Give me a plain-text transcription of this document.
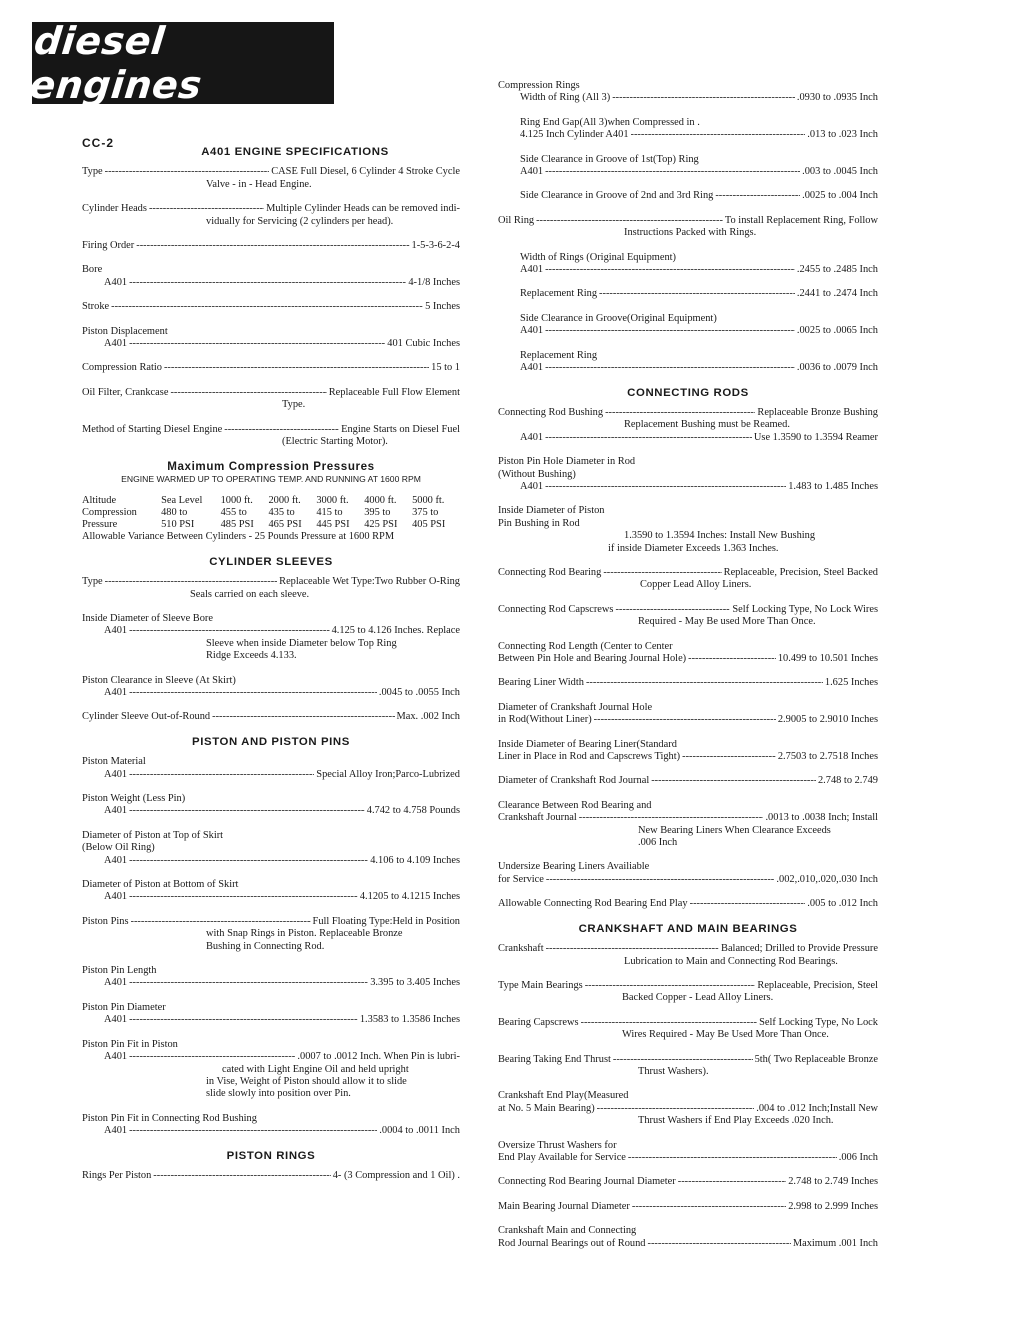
diesel engines
CC-2
A401 ENGINE SPECIFICATIONS
Type -----	CASE Full Diesel, 6 Cylinder 4 Stroke Cycle
Valve - in - Head Engine.
Cylinder Heads -----	Multiple Cylinder Heads can be removed indi-
vidually for Servicing (2 cylinders per head).
Firing Order -----	1-5-3-6-2-4
Bore
A401 -----	4-1/8 Inches
Stroke -----	5 Inches
Piston Displacement
A401 -----	401 Cubic Inches
Compression Ratio -----	15 to 1
Oil Filter, Crankcase -----	Replaceable Full Flow Element
Type.
Method of Starting Diesel Engine -----	Engine Starts on Diesel Fuel
(Electric Starting Motor).
Maximum Compression Pressures
ENGINE WARMED UP TO OPERATING TEMP. AND RUNNING AT 1600 RPM
Altitude	Sea Level	1000 ft.	2000 ft.	3000 ft.	4000 ft.	5000 ft.
Compression	480 to	455 to	435 to	415 to	395 to	375 to
Pressure	510 PSI	485 PSI	465 PSI	445 PSI	425 PSI	405 PSI
Allowable Variance Between Cylinders - 25 Pounds Pressure at 1600 RPM
CYLINDER SLEEVES
Type -----	Replaceable Wet Type:Two Rubber O-Ring
Seals carried on each sleeve.
Inside Diameter of Sleeve Bore
A401 -----	4.125 to 4.126 Inches. Replace
Sleeve when inside Diameter below Top Ring
Ridge Exceeds 4.133.
Piston Clearance in Sleeve (At Skirt)
A401 -----	.0045 to .0055 Inch
Cylinder Sleeve Out-of-Round -----	Max. .002 Inch
PISTON AND PISTON PINS
Piston Material
A401 -----	Special Alloy Iron;Parco-Lubrized
Piston Weight (Less Pin)
A401 -----	4.742 to 4.758 Pounds
Diameter of Piston at Top of Skirt
(Below Oil Ring)
A401 -----	4.106 to 4.109 Inches
Diameter of Piston at Bottom of Skirt
A401 -----	4.1205 to 4.1215 Inches
Piston Pins -----	Full Floating Type:Held in Position
with Snap Rings in Piston. Replaceable Bronze
Bushing in Connecting Rod.
Piston Pin Length
A401 -----	3.395 to 3.405 Inches
Piston Pin Diameter
A401 -----	1.3583 to 1.3586 Inches
Piston Pin Fit in Piston
A401 -----	.0007 to .0012 Inch. When Pin is lubri-
cated with Light Engine Oil and held upright
in Vise, Weight of Piston should allow it to slide
slide slowly into position over Pin.
Piston Pin Fit in Connecting Rod Bushing
A401 -----	.0004 to .0011 Inch
PISTON RINGS
Rings Per Piston -----	4- (3 Compression and 1 Oil) .
Compression Rings
Width of Ring (All 3) -----	.0930 to .0935 Inch
Ring End Gap(All 3)when Compressed in .
4.125 Inch Cylinder A401 -----	.013 to .023 Inch
Side Clearance in Groove of 1st(Top) Ring
A401 -----	.003 to .0045 Inch
Side Clearance in Groove of 2nd and 3rd Ring -----	.0025 to .004 Inch
Oil Ring -----	To install Replacement Ring, Follow
Instructions Packed with Rings.
Width of Rings (Original Equipment)
A401 -----	.2455 to .2485 Inch
Replacement Ring -----	.2441 to .2474 Inch
Side Clearance in Groove(Original Equipment)
A401 -----	.0025 to .0065 Inch
Replacement Ring
A401 -----	.0036 to .0079 Inch
CONNECTING RODS
Connecting Rod Bushing -----	Replaceable Bronze Bushing
Replacement Bushing must be Reamed.
A401 -----	Use 1.3590 to 1.3594 Reamer
Piston Pin Hole Diameter in Rod
(Without Bushing)
A401 -----	1.483 to 1.485 Inches
Inside Diameter of Piston
Pin Bushing in Rod
1.3590 to 1.3594 Inches: Install New Bushing
if inside Diameter Exceeds 1.363 Inches.
Connecting Rod Bearing -----	Replaceable, Precision, Steel Backed
Copper Lead Alloy Liners.
Connecting Rod Capscrews -----	Self Locking Type, No Lock Wires
Required - May Be used More Than Once.
Connecting Rod Length (Center to Center
Between Pin Hole and Bearing Journal Hole) -----	10.499 to 10.501 Inches
Bearing Liner Width -----	1.625 Inches
Diameter of Crankshaft Journal Hole
in Rod(Without Liner) -----	2.9005 to 2.9010 Inches
Inside Diameter of Bearing Liner(Standard
Liner in Place in Rod and Capscrews Tight) -----	2.7503 to 2.7518 Inches
Diameter of Crankshaft Rod Journal -----	2.748 to 2.749
Clearance Between Rod Bearing and
Crankshaft Journal -----	.0013 to .0038 Inch; Install
New Bearing Liners When Clearance Exceeds
.006 Inch
Undersize Bearing Liners Availiable
for Service -----	.002,.010,.020,.030 Inch
Allowable Connecting Rod Bearing End Play -----	.005 to .012 Inch
CRANKSHAFT AND MAIN BEARINGS
Crankshaft -----	Balanced; Drilled to Provide Pressure
Lubrication to Main and Connecting Rod Bearings.
Type Main Bearings -----	Replaceable, Precision, Steel
Backed Copper - Lead Alloy Liners.
Bearing Capscrews -----	Self Locking Type, No Lock
Wires Required - May Be Used More Than Once.
Bearing Taking End Thrust -----	5th( Two Replaceable Bronze
Thrust Washers).
Crankshaft End Play(Measured
at No. 5 Main Bearing) -----	.004 to .012 Inch;Install New
Thrust Washers if End Play Exceeds .020 Inch.
Oversize Thrust Washers for
End Play Available for Service -----	.006 Inch
Connecting Rod Bearing Journal Diameter -----	2.748 to 2.749 Inches
Main Bearing Journal Diameter -----	2.998 to 2.999 Inches
Crankshaft Main and Connecting
Rod Journal Bearings out of Round -----	Maximum .001 Inch
